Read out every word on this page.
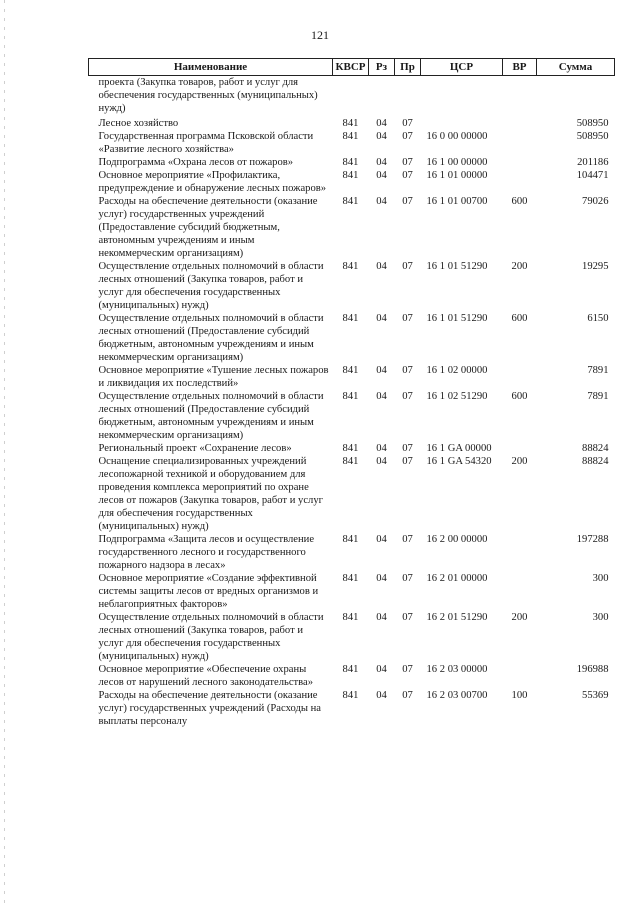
121
Наименование	КВСР	Рз	Пр	ЦСР	ВР	Сумма
проекта (Закупка товаров, работ и услуг для обеспечения государственных (муниципальных) нужд)						
Лесное хозяйство	841	04	07			508950
Государственная программа Псковской области «Развитие лесного хозяйства»	841	04	07	16 0 00 00000		508950
Подпрограмма «Охрана лесов от пожаров»	841	04	07	16 1 00 00000		201186
Основное мероприятие «Профилактика, предупреждение и обнаружение лесных пожаров»	841	04	07	16 1 01 00000		104471
Расходы на обеспечение деятельности (оказание услуг) государственных учреждений (Предоставление субсидий бюджетным, автономным учреждениям и иным некоммерческим организациям)	841	04	07	16 1 01 00700	600	79026
Осуществление отдельных полномочий в области лесных отношений (Закупка товаров, работ и услуг для обеспечения государственных (муниципальных) нужд)	841	04	07	16 1 01 51290	200	19295
Осуществление отдельных полномочий в области лесных отношений (Предоставление субсидий бюджетным, автономным учреждениям и иным некоммерческим организациям)	841	04	07	16 1 01 51290	600	6150
Основное мероприятие «Тушение лесных пожаров и ликвидация их последствий»	841	04	07	16 1 02 00000		7891
Осуществление отдельных полномочий в области лесных отношений (Предоставление субсидий бюджетным, автономным учреждениям и иным некоммерческим организациям)	841	04	07	16 1 02 51290	600	7891
Региональный проект «Сохранение лесов»	841	04	07	16 1 GA 00000		88824
Оснащение специализированных учреждений лесопожарной техникой и оборудованием для проведения комплекса мероприятий по охране лесов от пожаров (Закупка товаров, работ и услуг для обеспечения государственных (муниципальных) нужд)	841	04	07	16 1 GA 54320	200	88824
Подпрограмма «Защита лесов и осуществление государственного лесного и государственного пожарного надзора в лесах»	841	04	07	16 2 00 00000		197288
Основное мероприятие «Создание эффективной системы защиты лесов от вредных организмов и неблагоприятных факторов»	841	04	07	16 2 01 00000		300
Осуществление отдельных полномочий в области лесных отношений (Закупка товаров, работ и услуг для обеспечения государственных (муниципальных) нужд)	841	04	07	16 2 01 51290	200	300
Основное мероприятие «Обеспечение охраны лесов от нарушений лесного законодательства»	841	04	07	16 2 03 00000		196988
Расходы на обеспечение деятельности (оказание услуг) государственных учреждений (Расходы на выплаты персоналу	841	04	07	16 2 03 00700	100	55369
